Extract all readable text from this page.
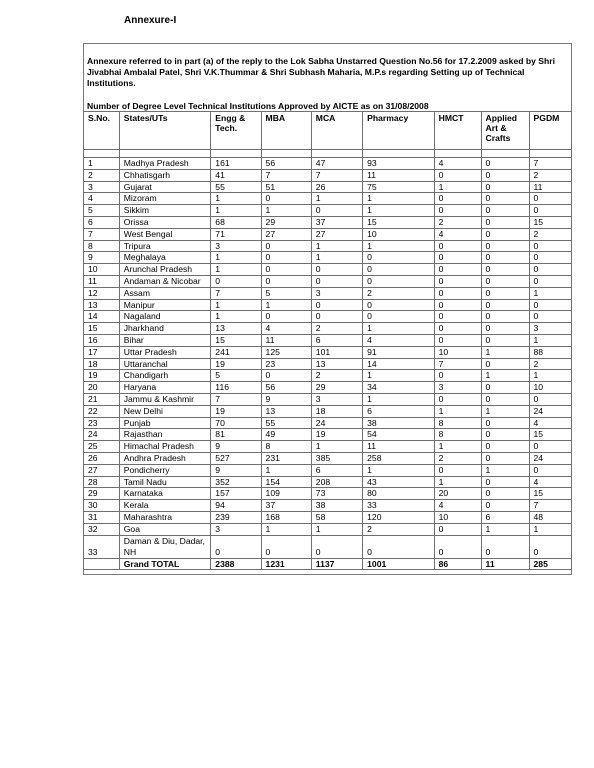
Annexure-I
Annexure referred to in part (a) of the reply to the Lok Sabha Unstarred Question No.56 for 17.2.2009 asked by Shri Jivabhai Ambalal Patel, Shri V.K.Thummar & Shri Subhash Maharia, M.P.s regarding Setting up of Technical Institutions.
Number of Degree Level Technical Institutions Approved by AICTE as on 31/08/2008
S.No.	States/UTs	Engg & Tech.	MBA	MCA	Pharmacy	HMCT	Applied Art & Crafts	PGDM

1	Madhya Pradesh	161	56	47	93	4	0	7
2	Chhatisgarh	41	7	7	11	0	0	2
3	Gujarat	55	51	26	75	1	0	11
4	Mizoram	1	0	1	1	0	0	0
5	Sikkim	1	1	0	1	0	0	0
6	Orissa	68	29	37	15	2	0	15
7	West Bengal	71	27	27	10	4	0	2
8	Tripura	3	0	1	1	0	0	0
9	Meghalaya	1	0	1	0	0	0	0
10	Arunchal Pradesh	1	0	0	0	0	0	0
11	Andaman & Nicobar	0	0	0	0	0	0	0
12	Assam	7	5	3	2	0	0	1
13	Manipur	1	1	0	0	0	0	0
14	Nagaland	1	0	0	0	0	0	0
15	Jharkhand	13	4	2	1	0	0	3
16	Bihar	15	11	6	4	0	0	1
17	Uttar Pradesh	241	125	101	91	10	1	88
18	Uttaranchal	19	23	13	14	7	0	2
19	Chandigarh	5	0	2	1	0	1	1
20	Haryana	116	56	29	34	3	0	10
21	Jammu & Kashmir	7	9	3	1	0	0	0
22	New Delhi	19	13	18	6	1	1	24
23	Punjab	70	55	24	38	8	0	4
24	Rajasthan	81	49	19	54	8	0	15
25	Himachal Pradesh	9	8	1	11	1	0	0
26	Andhra Pradesh	527	231	385	258	2	0	24
27	Pondicherry	9	1	6	1	0	1	0
28	Tamil Nadu	352	154	208	43	1	0	4
29	Karnataka	157	109	73	80	20	0	15
30	Kerala	94	37	38	33	4	0	7
31	Maharashtra	239	168	58	120	10	6	48
32	Goa	3	1	1	2	0	1	1
33	Daman & Diu, Dadar, NH	0	0	0	0	0	0	0
	Grand TOTAL	2388	1231	1137	1001	86	11	285
